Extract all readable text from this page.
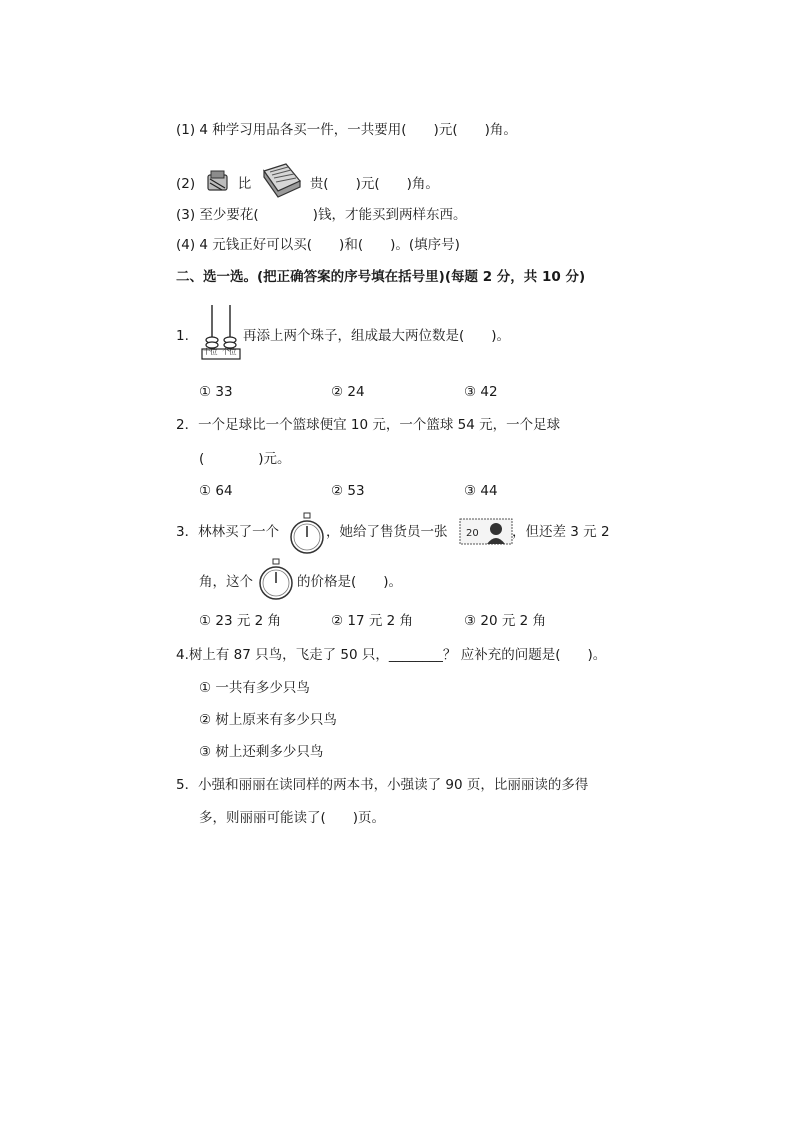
(1) 4 种学习用品各买一件，一共要用(　　)元(　　)角。
(2)	比	贵(　　)元(　　)角。
(3) 至少要花(　　　　)钱，才能买到两样东西。
(4) 4 元钱正好可以买(　　)和(　　)。(填序号)
二、选一选。(把正确答案的序号填在括号里)(每题 2 分，共 10 分)
1.
十位 个位
再添上两个珠子，组成最大两位数是(　　)。
① 33	② 24	③ 42
2．一个足球比一个篮球便宜 10 元，一个篮球 54 元，一个足球
(　　　　)元。
① 64	② 53	③ 44
3．林林买了一个	，她给了售货员一张 20 ，但还差 3 元 2
角，这个	的价格是(　　)。
① 23 元 2 角	② 17 元 2 角	③ 20 元 2 角
4.树上有 87 只鸟，飞走了 50 只，________？ 应补充的问题是(　　)。
① 一共有多少只鸟
② 树上原来有多少只鸟
③ 树上还剩多少只鸟
5．小强和丽丽在读同样的两本书，小强读了 90 页，比丽丽读的多得
多，则丽丽可能读了(　　)页。
